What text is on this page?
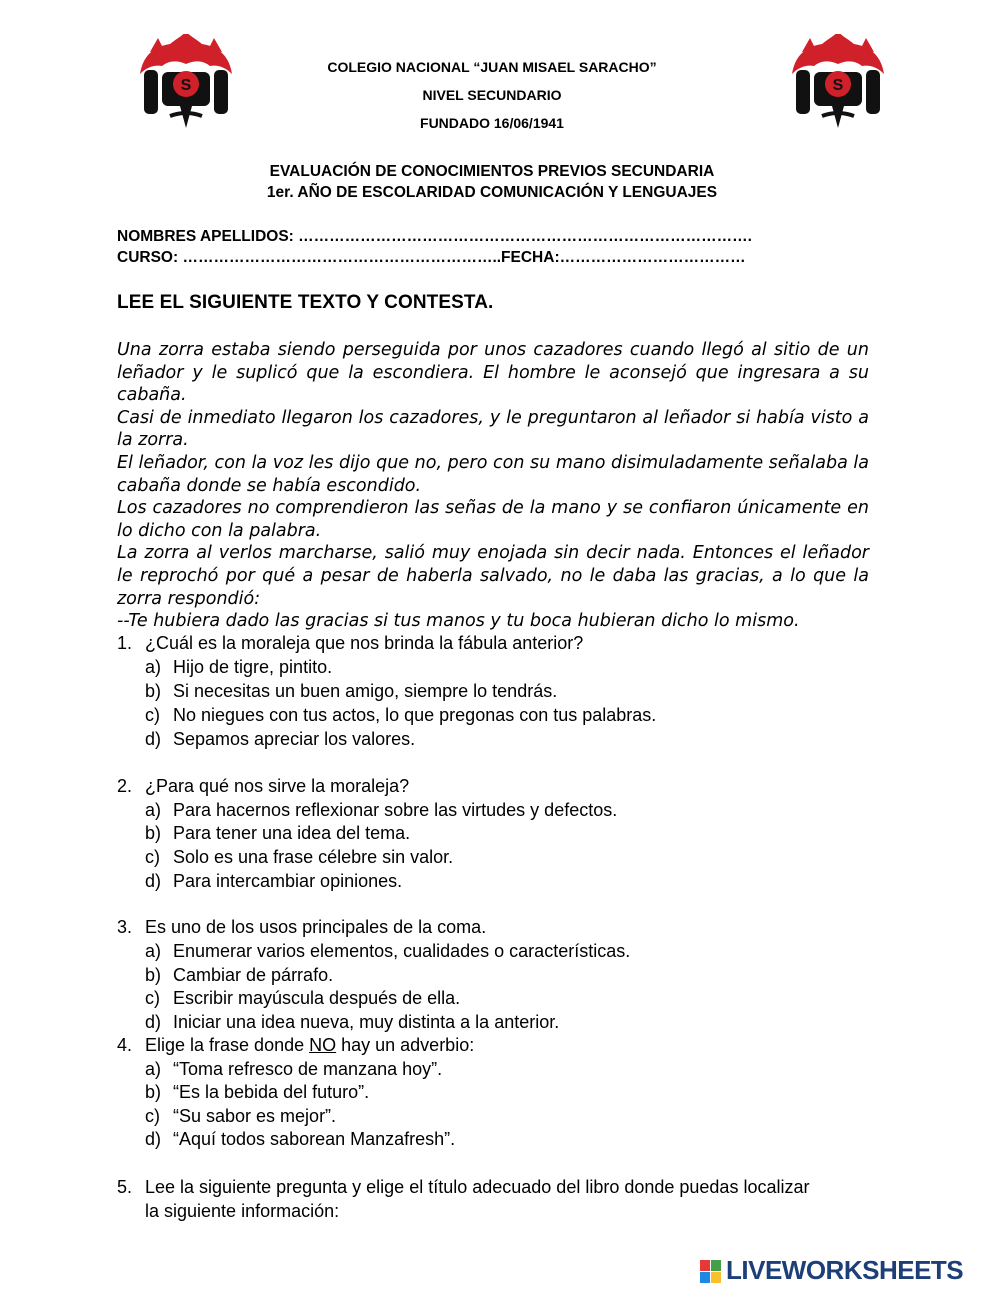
S	S
COLEGIO NACIONAL “JUAN MISAEL SARACHO”
NIVEL SECUNDARIO
FUNDADO 16/06/1941
EVALUACIÓN DE CONOCIMIENTOS PREVIOS SECUNDARIA
1er. AÑO DE ESCOLARIDAD COMUNICACIÓN Y LENGUAJES
NOMBRES APELLIDOS: …………………………………………………………………………….
CURSO: ……………………………………………………..FECHA:………………………………
LEE EL SIGUIENTE TEXTO Y CONTESTA.

Una zorra estaba siendo perseguida por unos cazadores cuando llegó al sitio de un leñador y le suplicó que la escondiera. El hombre le aconsejó que ingresara a su cabaña.

Casi de inmediato llegaron los cazadores, y le preguntaron al leñador si había visto a la zorra.

El leñador, con la voz les dijo que no, pero con su mano disimuladamente señalaba la cabaña donde se había escondido.

Los cazadores no comprendieron las señas de la mano y se confiaron únicamente en lo dicho con la palabra.

La zorra al verlos marcharse, salió muy enojada sin decir nada. Entonces el leñador le reprochó por qué a pesar de haberla salvado, no le daba las gracias, a lo que la zorra respondió:

--Te hubiera dado las gracias si tus manos y tu boca hubieran dicho lo mismo.

1. ¿Cuál es la moraleja que nos brinda la fábula anterior?
a) Hijo de tigre, pintito.
b) Si necesitas un buen amigo, siempre lo tendrás.
c) No niegues con tus actos, lo que pregonas con tus palabras.
d) Sepamos apreciar los valores.
2. ¿Para qué nos sirve la moraleja?
a) Para hacernos reflexionar sobre las virtudes y defectos.
b) Para tener una idea del tema.
c) Solo es una frase célebre sin valor.
d) Para intercambiar opiniones.
3. Es uno de los usos principales de la coma.
a) Enumerar varios elementos, cualidades o características.
b) Cambiar de párrafo.
c) Escribir mayúscula después de ella.
d) Iniciar una idea nueva, muy distinta a la anterior.
4. Elige la frase donde NO hay un adverbio:
a) “Toma refresco de manzana hoy”.
b) “Es la bebida del futuro”.
c) “Su sabor es mejor”.
d) “Aquí todos saborean Manzafresh”.
5. Lee la siguiente pregunta y elige el título adecuado del libro donde puedas localizar
la siguiente información:
LIVEWORKSHEETS
